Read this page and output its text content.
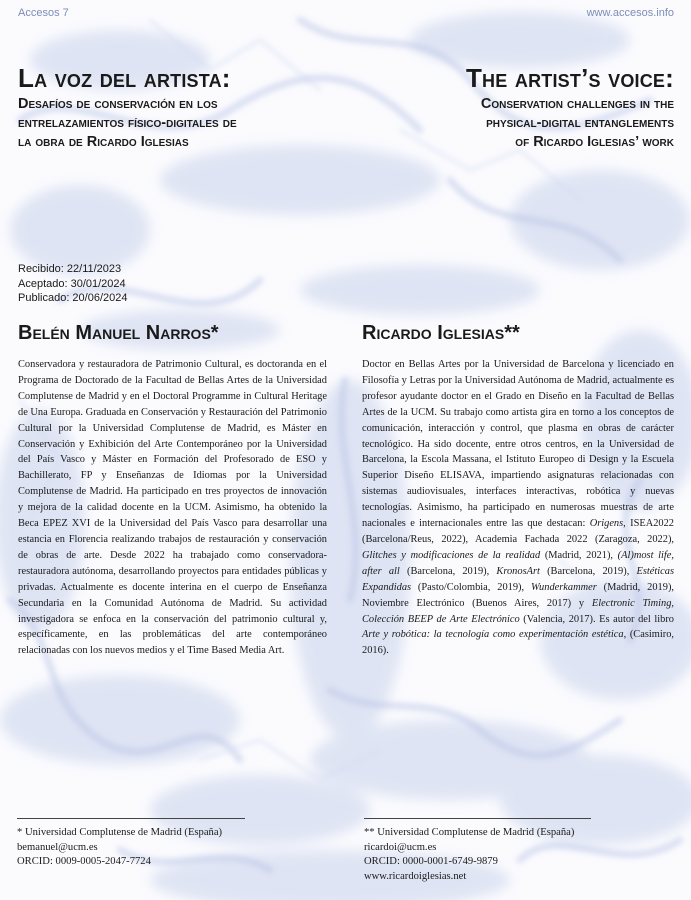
Accesos 7	www.accesos.info
La voz del artista:
Desafíos de conservación en los
entrelazamientos físico-digitales de
la obra de Ricardo Iglesias
The artist’s voice:
Conservation challenges in the
physical-digital entanglements
of Ricardo Iglesias’ work
Recibido: 22/11/2023
Aceptado: 30/01/2024
Publicado: 20/06/2024
Belén Manuel Narros*

Conservadora y restauradora de Patrimonio Cultural, es doctoranda en el Programa de Doctorado de la Facultad de Bellas Artes de la Universidad Complutense de Madrid y en el Doctoral Programme in Cultural Heritage de Una Europa. Graduada en Conservación y Restauración del Patrimonio Cultural por la Universidad Complutense de Madrid, es Máster en Conservación y Exhibición del Arte Contemporáneo por la Universidad del País Vasco y Máster en Formación del Profesorado de ESO y Bachillerato, FP y Enseñanzas de Idiomas por la Universidad Complutense de Madrid. Ha participado en tres proyectos de innovación y mejora de la calidad docente en la UCM. Asimismo, ha obtenido la Beca EPEZ XVI de la Universidad del País Vasco para desarrollar una estancia en Florencia realizando trabajos de restauración y conservación de obras de arte. Desde 2022 ha trabajado como conservadora-restauradora autónoma, desarrollando proyectos para entidades públicas y privadas. Actualmente es docente interina en el cuerpo de Enseñanza Secundaria en la Comunidad Autónoma de Madrid. Su actividad investigadora se enfoca en la conservación del patrimonio cultural y, específicamente, en las problemáticas del arte contemporáneo relacionadas con los nuevos medios y el Time Based Media Art.

Ricardo Iglesias**

Doctor en Bellas Artes por la Universidad de Barcelona y licenciado en Filosofía y Letras por la Universidad Autónoma de Madrid, actualmente es profesor ayudante doctor en el Grado en Diseño en la Facultad de Bellas Artes de la UCM. Su trabajo como artista gira en torno a los conceptos de comunicación, interacción y control, que plasma en obras de carácter tecnológico. Ha sido docente, entre otros centros, en la Universidad de Barcelona, la Escola Massana, el Istituto Europeo di Design y la Escuela Superior Diseño ELISAVA, impartiendo asignaturas relacionadas con sistemas audiovisuales, interfaces interactivas, robótica y nuevas tecnologías. Asimismo, ha participado en numerosas muestras de arte nacionales e internacionales entre las que destacan: Origens, ISEA2022 (Barcelona/Reus, 2022), Academia Fachada 2022 (Zaragoza, 2022), Glitches y modificaciones de la realidad (Madrid, 2021), (Al)most life, after all (Barcelona, 2019), KronosArt (Barcelona, 2019), Estéticas Expandidas (Pasto/Colombia, 2019), Wunderkammer (Madrid, 2019), Noviembre Electrónico (Buenos Aires, 2017) y Electronic Timing, Colección BEEP de Arte Electrónico (Valencia, 2017). Es autor del libro Arte y robótica: la tecnología como experimentación estética, (Casimiro, 2016).

* Universidad Complutense de Madrid (España)
bemanuel@ucm.es
ORCID: 0009-0005-2047-7724
** Universidad Complutense de Madrid (España)
ricardoi@ucm.es
ORCID: 0000-0001-6749-9879
www.ricardoiglesias.net
